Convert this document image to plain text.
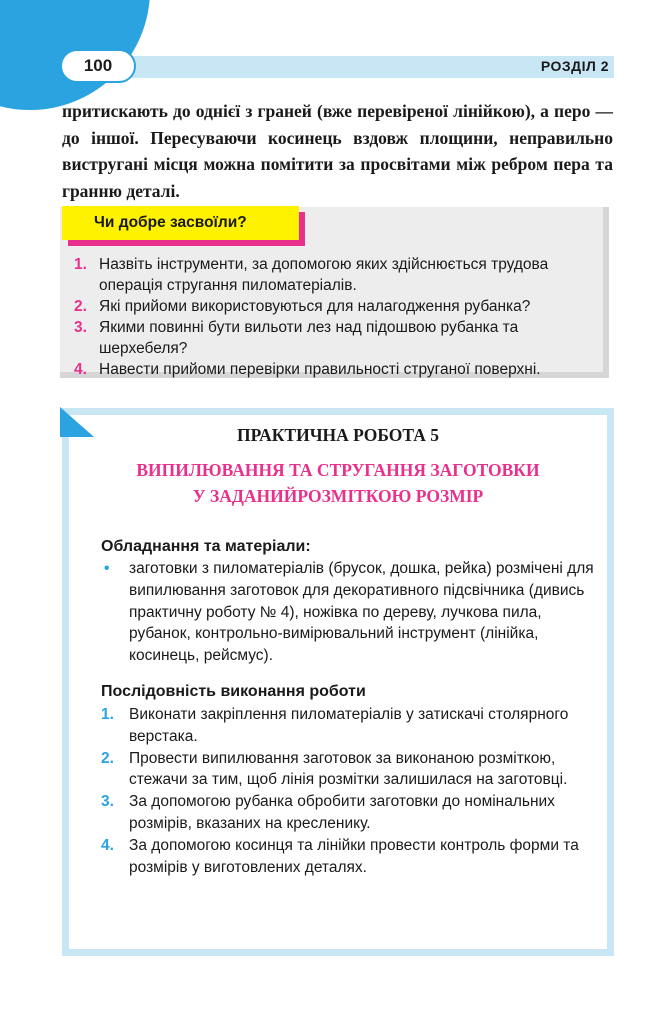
100	РОЗДІЛ 2

притискають до однієї з граней (вже перевіреної лінійкою), а перо — до іншої. Пересуваючи косинець вздовж площини, неправильно виструганi місця можна помітити за просвітами між ребром пера та гранню деталі.

Чи добре засвоїли?
1. Назвіть інструменти, за допомогою яких здійснюється трудова операція стругання пиломатеріалів.
2. Які прийоми використовуються для налагодження рубанка?
3. Якими повинні бути вильоти лез над підошвою рубанка та шерхебеля?
4. Навести прийоми перевірки правильності струганої поверхні.
ПРАКТИЧНА РОБОТА 5
ВИПИЛЮВАННЯ ТА СТРУГАННЯ ЗАГОТОВКИ
У ЗАДАНИЙРОЗМІТКОЮ РОЗМІР
Обладнання та матеріали:
• заготовки з пиломатеріалів (брусок, дошка, рейка) розмічені для випилювання заготовок для декоративного підсвічника (дивись практичну роботу № 4), ножівка по дереву, лучкова пила, рубанок, контрольно-вимірювальний інструмент (лінійка, косинець, рейсмус).
Послідовність виконання роботи
1. Виконати закріплення пиломатеріалів у затискачі столярного верстака.
2. Провести випилювання заготовок за виконаною розміткою, стежачи за тим, щоб лінія розмітки залишилася на заготовці.
3. За допомогою рубанка обробити заготовки до номінальних розмірів, вказаних на кресленику.
4. За допомогою косинця та лінійки провести контроль форми та розмірів у виготовлених деталях.
